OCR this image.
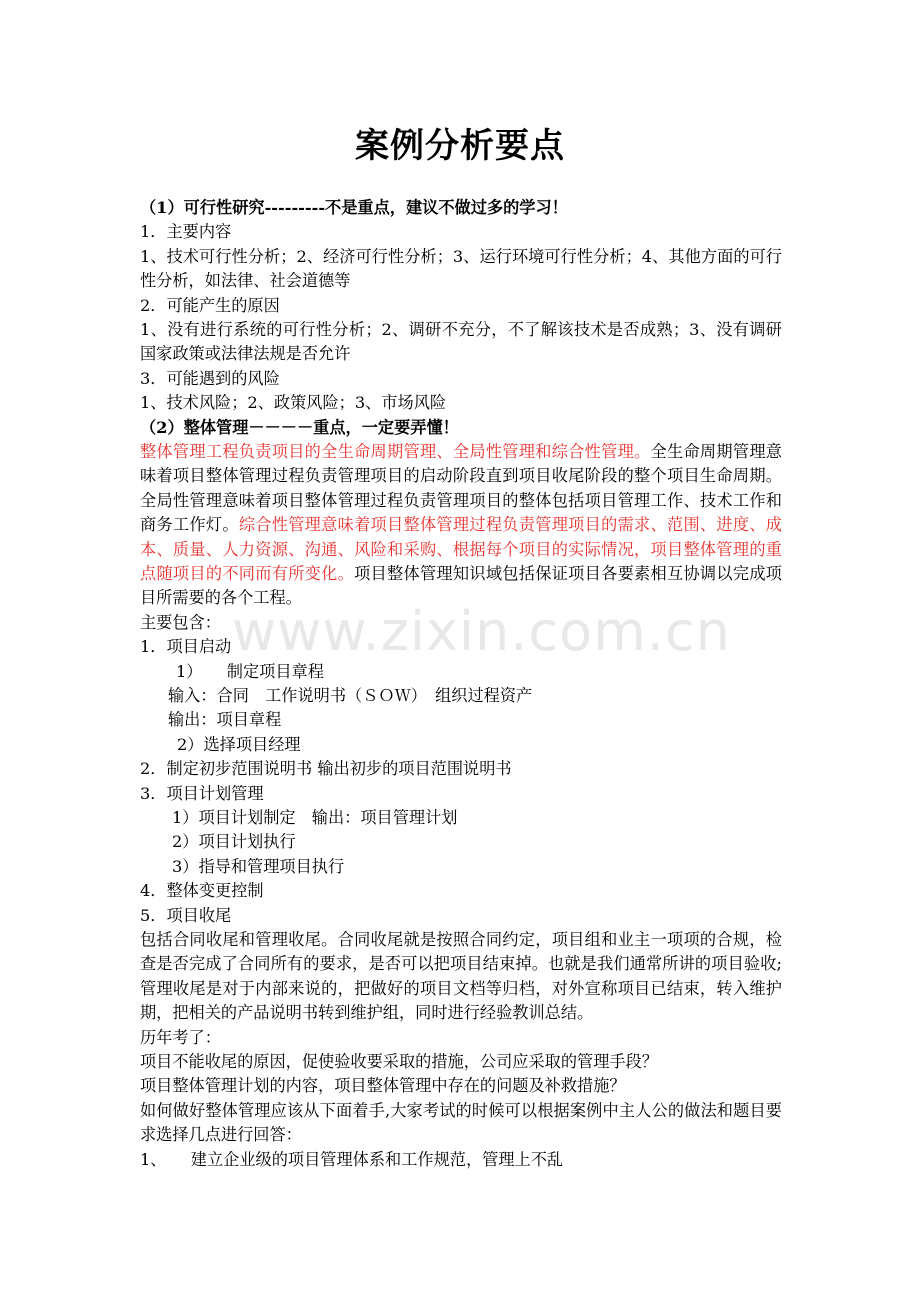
案例分析要点
www.zixin.com.cn
（1）可行性研究---------不是重点，建议不做过多的学习！
1．主要内容
1、技术可行性分析；2、经济可行性分析；3、运行环境可行性分析；4、其他方面的可行性分析，如法律、社会道德等
2．可能产生的原因
1、没有进行系统的可行性分析；2、调研不充分，不了解该技术是否成熟；3、没有调研国家政策或法律法规是否允许
3．可能遇到的风险
1、技术风险；2、政策风险；3、市场风险
（2）整体管理－－－－重点，一定要弄懂！
整体管理工程负责项目的全生命周期管理、全局性管理和综合性管理。全生命周期管理意味着项目整体管理过程负责管理项目的启动阶段直到项目收尾阶段的整个项目生命周期。全局性管理意味着项目整体管理过程负责管理项目的整体包括项目管理工作、技术工作和商务工作灯。综合性管理意味着项目整体管理过程负责管理项目的需求、范围、进度、成本、质量、人力资源、沟通、风险和采购、根据每个项目的实际情况，项目整体管理的重点随项目的不同而有所变化。项目整体管理知识域包括保证项目各要素相互协调以完成项目所需要的各个工程。
主要包含：
1．项目启动
1）　　制定项目章程
输入：合同　工作说明书（ＳＯＷ）　组织过程资产
输出：项目章程
2）选择项目经理
2．制定初步范围说明书 输出初步的项目范围说明书
3．项目计划管理
1）项目计划制定　输出：项目管理计划
2）项目计划执行
3）指导和管理项目执行
4．整体变更控制
5．项目收尾
包括合同收尾和管理收尾。合同收尾就是按照合同约定，项目组和业主一项项的合规，检查是否完成了合同所有的要求，是否可以把项目结束掉。也就是我们通常所讲的项目验收;管理收尾是对于内部来说的，把做好的项目文档等归档，对外宣称项目已结束，转入维护期，把相关的产品说明书转到维护组，同时进行经验教训总结。
历年考了：
项目不能收尾的原因，促使验收要采取的措施，公司应采取的管理手段？
项目整体管理计划的内容，项目整体管理中存在的问题及补救措施？
如何做好整体管理应该从下面着手,大家考试的时候可以根据案例中主人公的做法和题目要求选择几点进行回答：
1、　　建立企业级的项目管理体系和工作规范，管理上不乱
